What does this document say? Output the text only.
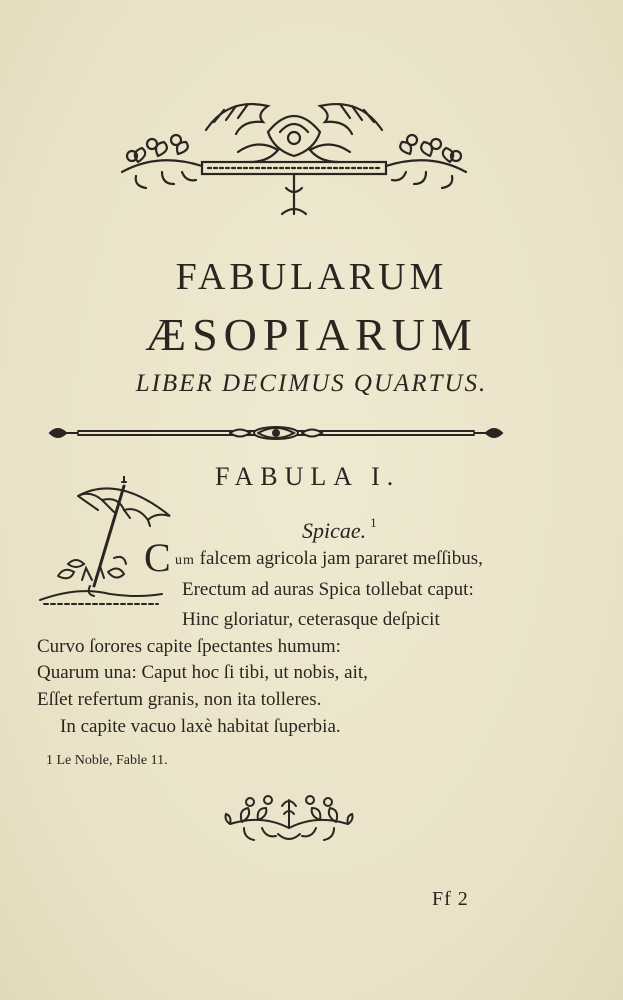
FABULARUM
ÆSOPIARUM
LIBER DECIMUS QUARTUS.
FABULA I.
Spicae. $^1$
C um falcem agricola jam pararet meſſibus,
Erectum ad auras Spica tollebat caput:
Hinc gloriatur, ceterasque deſpicit
Curvo ſorores capite ſpectantes humum:
Quarum una: Caput hoc ſi tibi, ut nobis, ait,
Eſſet refertum granis, non ita tolleres.
In capite vacuo laxè habitat ſuperbia.
1 Le Noble, Fable 11.
Ff 2
